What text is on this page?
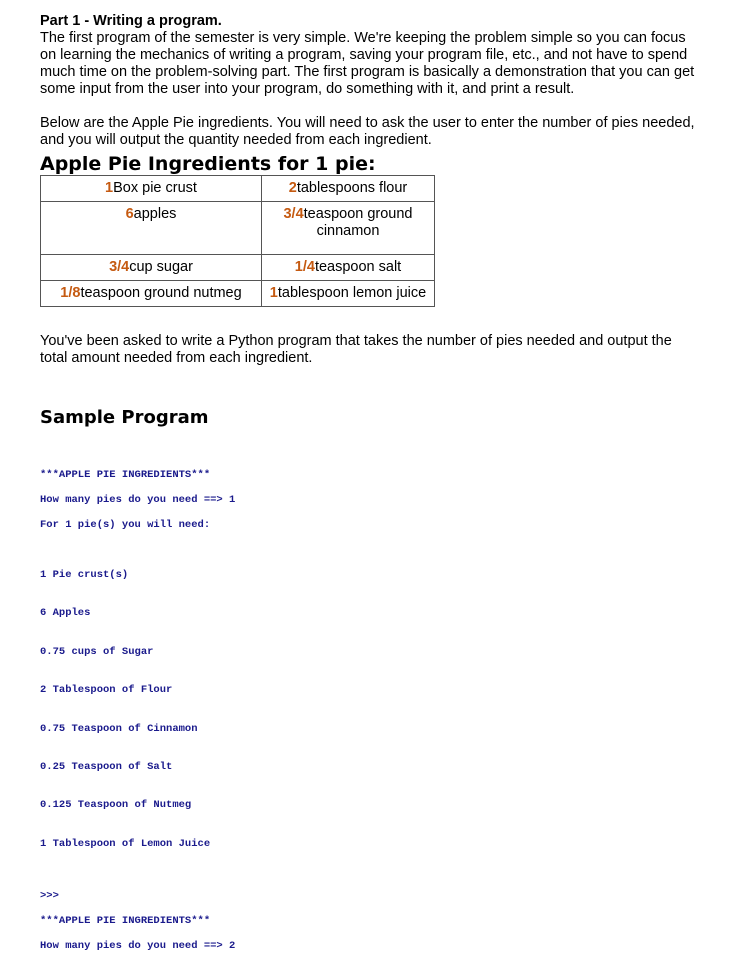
Part 1 - Writing a program.

The first program of the semester is very simple. We're keeping the problem simple so you can focus on learning the mechanics of writing a program, saving your program file, etc., and not have to spend much time on the problem-solving part. The first program is basically a demonstration that you can get some input from the user into your program, do something with it, and print a result.

Below are the Apple Pie ingredients. You will need to ask the user to enter the number of pies needed, and you will output the quantity needed from each ingredient.

Apple Pie Ingredients for 1 pie:

1Box pie crust	2tablespoons flour
6apples	3/4teaspoon ground cinnamon
3/4cup sugar	1/4teaspoon salt
1/8teaspoon ground nutmeg	1tablespoon lemon juice

You've been asked to write a Python program that takes the number of pies needed and output the total amount needed from each ingredient.

Sample Program

***APPLE PIE INGREDIENTS***

How many pies do you need ==> 1

For 1 pie(s) you will need:

1 Pie crust(s)

6 Apples

0.75 cups of Sugar

2 Tablespoon of Flour

0.75 Teaspoon of Cinnamon

0.25 Teaspoon of Salt

0.125 Teaspoon of Nutmeg

1 Tablespoon of Lemon Juice

>>>

***APPLE PIE INGREDIENTS***

How many pies do you need ==> 2
